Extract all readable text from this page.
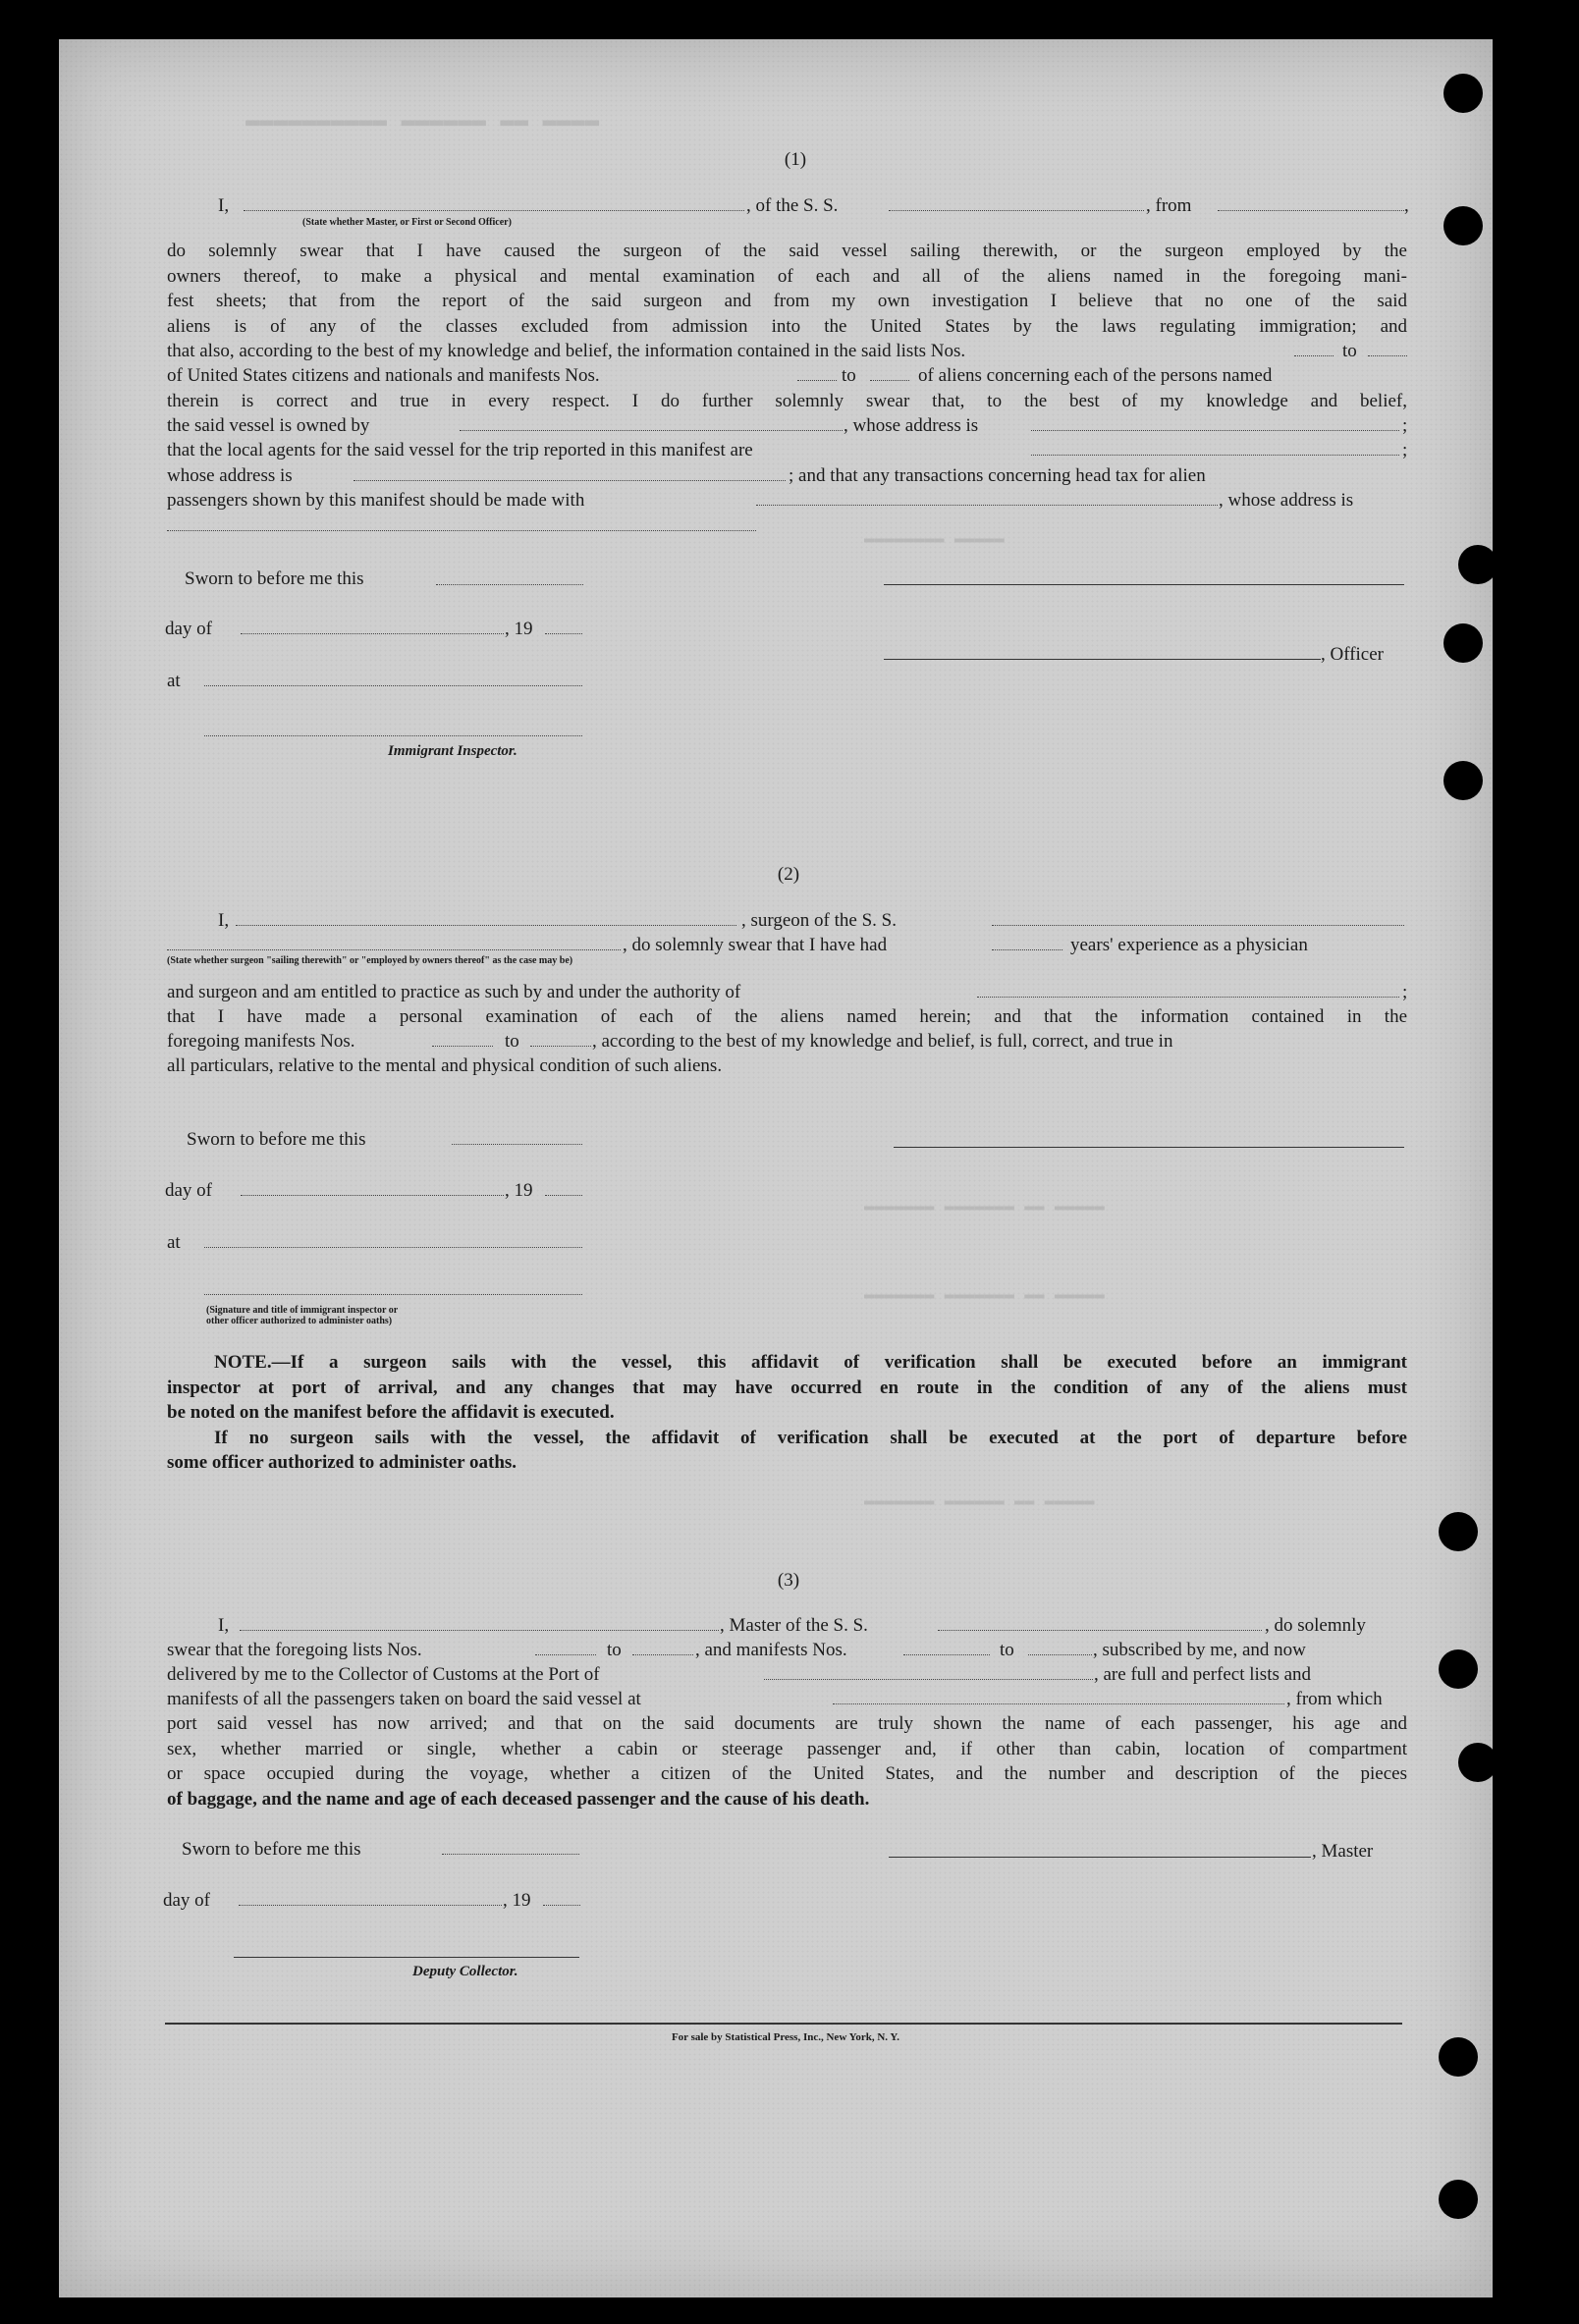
▬▬▬▬ ▬▬ ▬▬▬▬▬▬ ▬▬▬▬▬▬▬▬▬▬
▬▬▬▬▬▬▬▬ ▬▬▬▬▬
▬▬▬▬▬▬▬ ▬▬▬▬▬▬▬ ▬▬ ▬▬▬▬▬
▬▬▬▬▬▬▬ ▬▬▬▬▬▬▬ ▬▬ ▬▬▬▬▬
▬▬▬▬▬▬▬ ▬▬▬▬▬▬ ▬▬ ▬▬▬▬▬
(1)
I,	, of the S. S.	, from	,
(State whether Master, or First or Second Officer)
do solemnly swear that I have caused the surgeon of the said vessel sailing therewith, or the surgeon employed by the
owners thereof, to make a physical and mental examination of each and all of the aliens named in the foregoing mani-
fest sheets; that from the report of the said surgeon and from my own investigation I believe that no one of the said
aliens is of any of the classes excluded from admission into the United States by the laws regulating immigration; and
that also, according to the best of my knowledge and belief, the information contained in the said lists Nos.	to
of United States citizens and nationals and manifests Nos.	to	of aliens concerning each of the persons named
therein is correct and true in every respect. I do further solemnly swear that, to the best of my knowledge and belief,
the said vessel is owned by	, whose address is	;
that the local agents for the said vessel for the trip reported in this manifest are	;
whose address is	; and that any transactions concerning head tax for alien
passengers shown by this manifest should be made with	, whose address is
Sworn to before me this
day of	, 19
, Officer
at
Immigrant Inspector.
(2)
I,	, surgeon of the S. S.
, do solemnly swear that I have had	years' experience as a physician
(State whether surgeon "sailing therewith" or "employed by owners thereof" as the case may be)
and surgeon and am entitled to practice as such by and under the authority of	;
that I have made a personal examination of each of the aliens named herein; and that the information contained in the
foregoing manifests Nos.	to	, according to the best of my knowledge and belief, is full, correct, and true in
all particulars, relative to the mental and physical condition of such aliens.
Sworn to before me this
day of	, 19
at
(Signature and title of immigrant inspector or
other officer authorized to administer oaths)
NOTE.—If a surgeon sails with the vessel, this affidavit of verification shall be executed before an immigrant
inspector at port of arrival, and any changes that may have occurred en route in the condition of any of the aliens must
be noted on the manifest before the affidavit is executed.
If no surgeon sails with the vessel, the affidavit of verification shall be executed at the port of departure before
some officer authorized to administer oaths.
(3)
I,	, Master of the S. S.	, do solemnly
swear that the foregoing lists Nos.	to	, and manifests Nos.	to	, subscribed by me, and now
delivered by me to the Collector of Customs at the Port of	, are full and perfect lists and
manifests of all the passengers taken on board the said vessel at	, from which
port said vessel has now arrived; and that on the said documents are truly shown the name of each passenger, his age and
sex, whether married or single, whether a cabin or steerage passenger and, if other than cabin, location of compartment
or space occupied during the voyage, whether a citizen of the United States, and the number and description of the pieces
of baggage, and the name and age of each deceased passenger and the cause of his death.
Sworn to before me this	, Master
day of	, 19
Deputy Collector.
For sale by Statistical Press, Inc., New York, N. Y.
